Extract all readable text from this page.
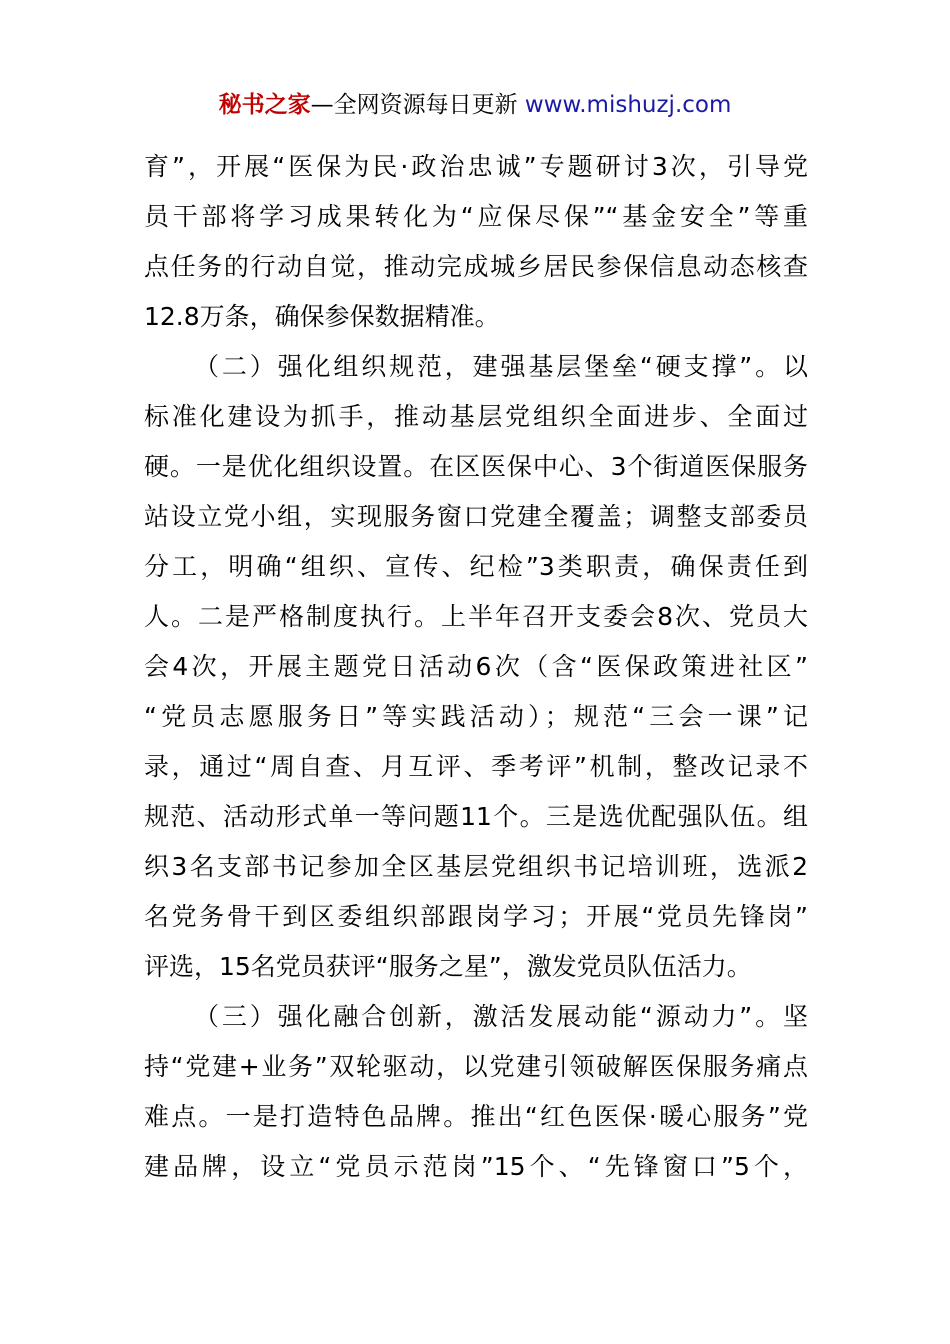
秘书之家—全网资源每日更新 www.mishuzj.com
育”，开展“医保为民·政治忠诚”专题研讨3次，引导党
员干部将学习成果转化为“应保尽保”“基金安全”等重
点任务的行动自觉，推动完成城乡居民参保信息动态核查
12.8万条，确保参保数据精准。
（二）强化组织规范，建强基层堡垒“硬支撑”。以
标准化建设为抓手，推动基层党组织全面进步、全面过
硬。一是优化组织设置。在区医保中心、3个街道医保服务
站设立党小组，实现服务窗口党建全覆盖；调整支部委员
分工，明确“组织、宣传、纪检”3类职责，确保责任到
人。二是严格制度执行。上半年召开支委会8次、党员大
会4次，开展主题党日活动6次（含“医保政策进社区”
“党员志愿服务日”等实践活动）；规范“三会一课”记
录，通过“周自查、月互评、季考评”机制，整改记录不
规范、活动形式单一等问题11个。三是选优配强队伍。组
织3名支部书记参加全区基层党组织书记培训班，选派2
名党务骨干到区委组织部跟岗学习；开展“党员先锋岗”
评选，15名党员获评“服务之星”，激发党员队伍活力。
（三）强化融合创新，激活发展动能“源动力”。坚
持“党建+业务”双轮驱动，以党建引领破解医保服务痛点
难点。一是打造特色品牌。推出“红色医保·暖心服务”党
建品牌，设立“党员示范岗”15个、“先锋窗口”5个，
